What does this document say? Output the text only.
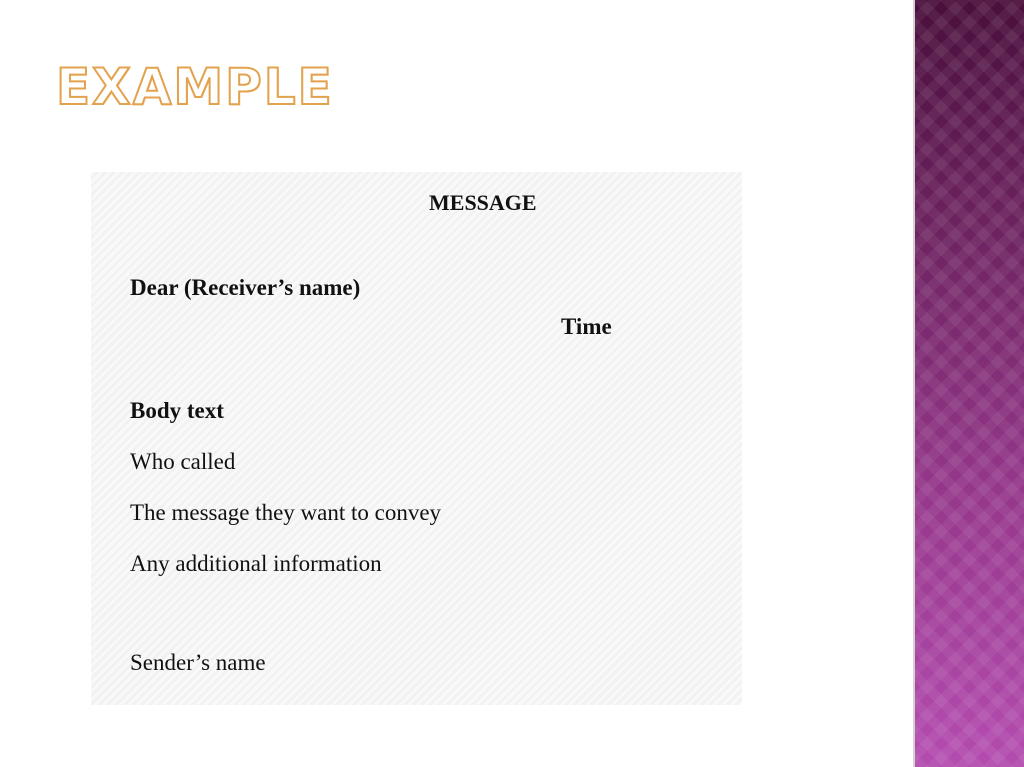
EXAMPLE
MESSAGE
Dear (Receiver’s name)
Time
Body text
Who called
The message they want to convey
Any additional information
Sender’s name
